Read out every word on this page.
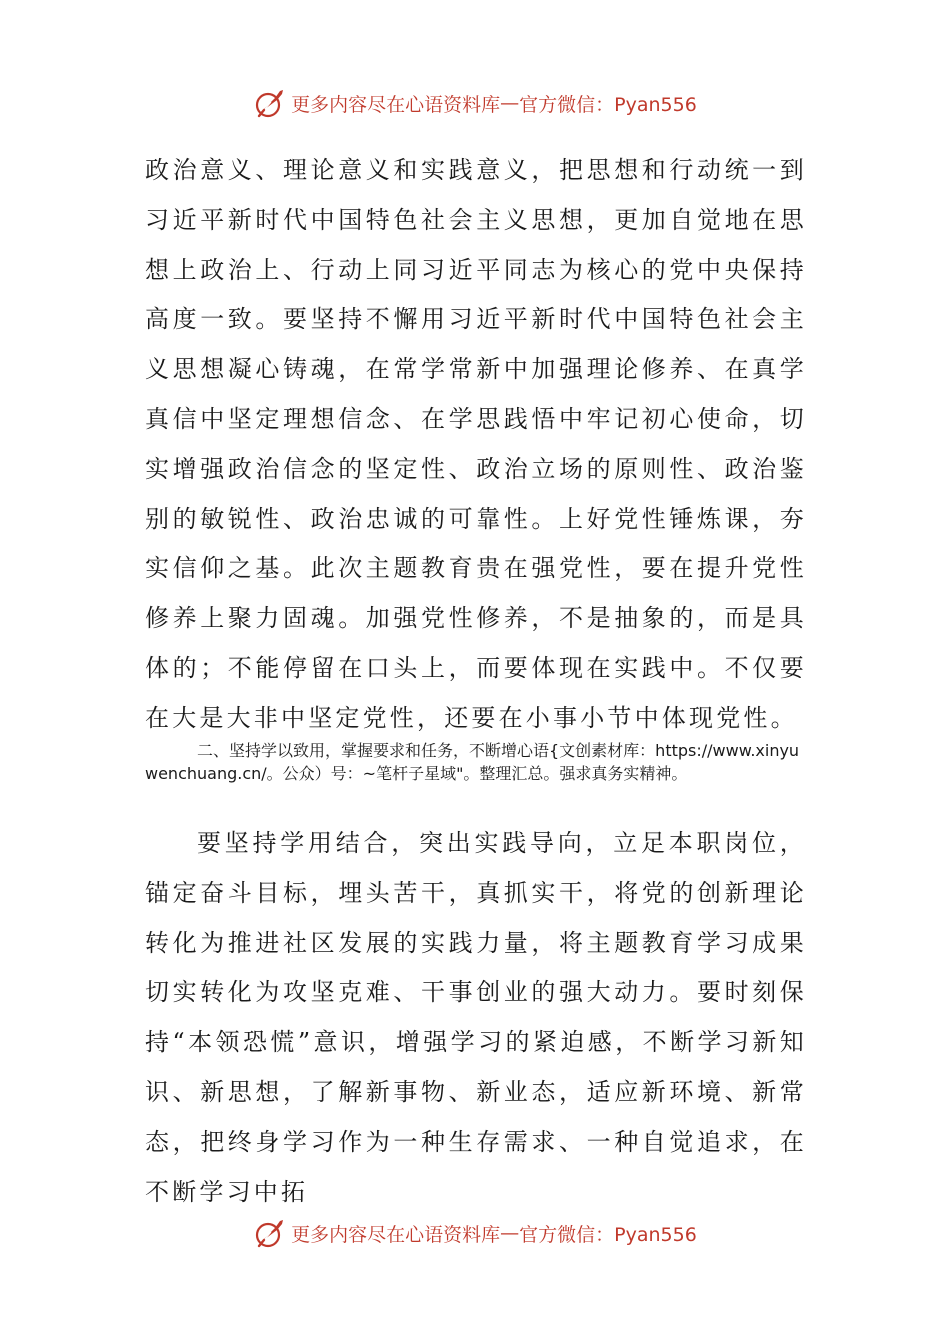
更多内容尽在心语资料库 — 官方微信：Pyan556

政治意义、理论意义和实践意义，把思想和行动统一到习近平新时代中国特色社会主义思想，更加自觉地在思想上政治上、行动上同习近平同志为核心的党中央保持高度一致。要坚持不懈用习近平新时代中国特色社会主义思想凝心铸魂，在常学常新中加强理论修养、在真学真信中坚定理想信念、在学思践悟中牢记初心使命，切实增强政治信念的坚定性、政治立场的原则性、政治鉴别的敏锐性、政治忠诚的可靠性。上好党性锤炼课，夯实信仰之基。此次主题教育贵在强党性，要在提升党性修养上聚力固魂。加强党性修养，不是抽象的，而是具体的；不能停留在口头上，而要体现在实践中。不仅要在大是大非中坚定党性，还要在小事小节中体现党性。

二、坚持学以致用，掌握要求和任务，不断增心语{文创素材库：https://www.xinyuwenchuang.cn/。公众）号：~笔杆子星域"。整理汇总。强求真务实精神。

要坚持学用结合，突出实践导向，立足本职岗位，锚定奋斗目标，埋头苦干，真抓实干，将党的创新理论转化为推进社区发展的实践力量，将主题教育学习成果切实转化为攻坚克难、干事创业的强大动力。要时刻保持“本领恐慌”意识，增强学习的紧迫感，不断学习新知识、新思想，了解新事物、新业态，适应新环境、新常态，把终身学习作为一种生存需求、一种自觉追求，在不断学习中拓

更多内容尽在心语资料库 — 官方微信：Pyan556
